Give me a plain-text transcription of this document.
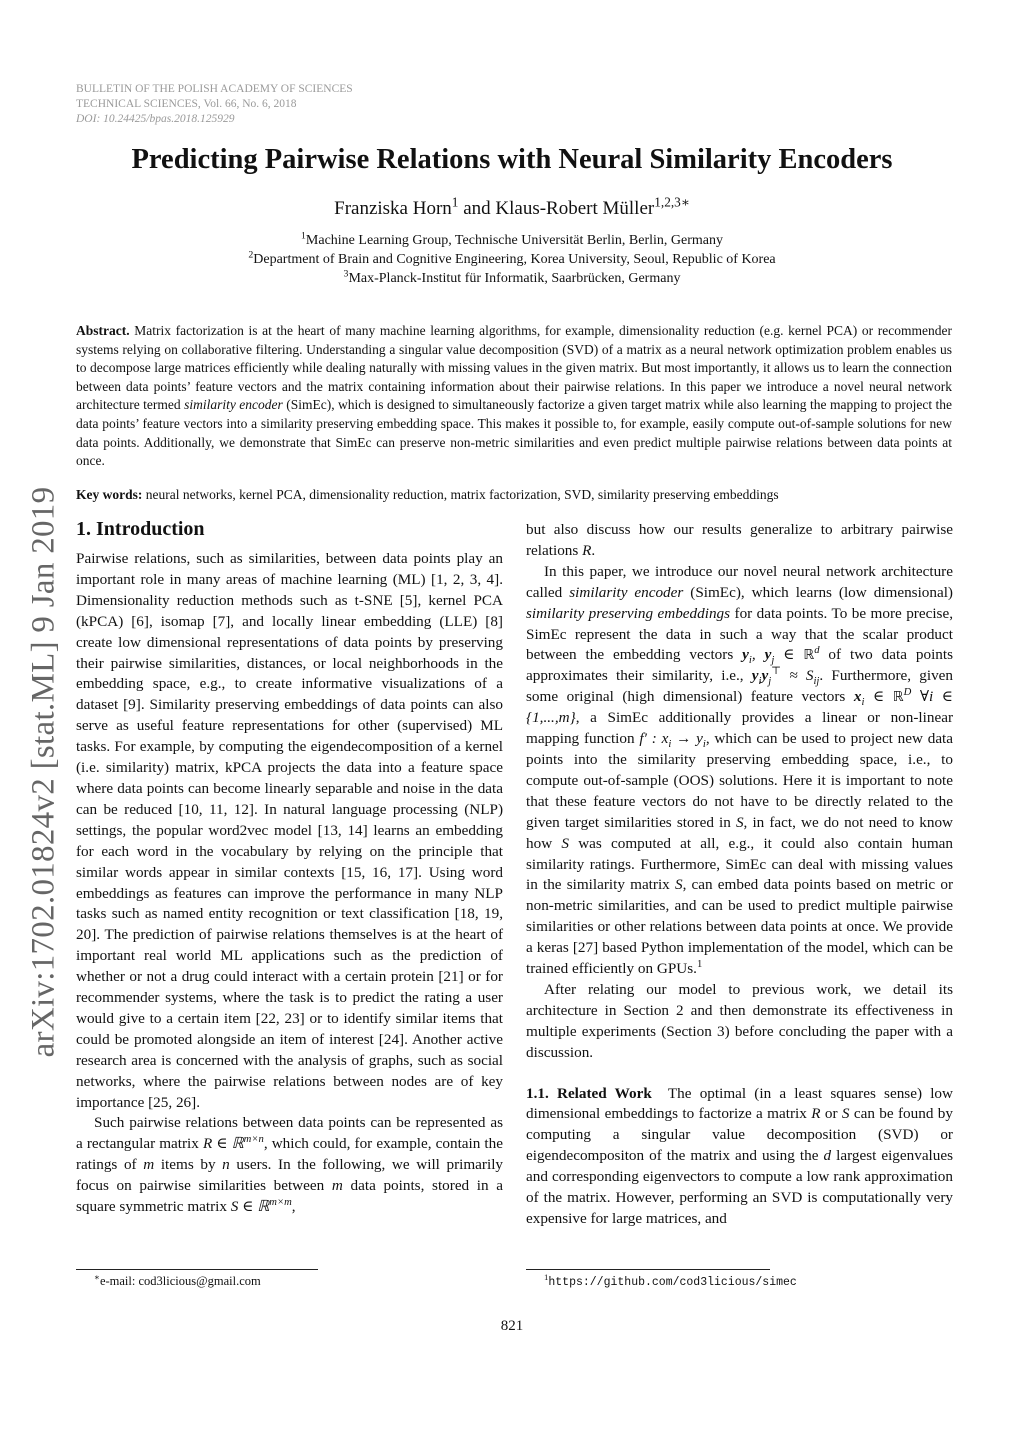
BULLETIN OF THE POLISH ACADEMY OF SCIENCES
TECHNICAL SCIENCES, Vol. 66, No. 6, 2018
DOI: 10.24425/bpas.2018.125929
arXiv:1702.01824v2 [stat.ML] 9 Jan 2019
Predicting Pairwise Relations with Neural Similarity Encoders
Franziska Horn$^1$ and Klaus-Robert Müller$^{1,2,3∗}$
$^1$Machine Learning Group, Technische Universität Berlin, Berlin, Germany
$^2$Department of Brain and Cognitive Engineering, Korea University, Seoul, Republic of Korea
$^3$Max-Planck-Institut für Informatik, Saarbrücken, Germany
Abstract. Matrix factorization is at the heart of many machine learning algorithms, for example, dimensionality reduction (e.g. kernel PCA) or recommender systems relying on collaborative filtering. Understanding a singular value decomposition (SVD) of a matrix as a neural network optimization problem enables us to decompose large matrices efficiently while dealing naturally with missing values in the given matrix. But most importantly, it allows us to learn the connection between data points’ feature vectors and the matrix containing information about their pairwise relations. In this paper we introduce a novel neural network architecture termed similarity encoder (SimEc), which is designed to simultaneously factorize a given target matrix while also learning the mapping to project the data points’ feature vectors into a similarity preserving embedding space. This makes it possible to, for example, easily compute out-of-sample solutions for new data points. Additionally, we demonstrate that SimEc can preserve non-metric similarities and even predict multiple pairwise relations between data points at once.
Key words: neural networks, kernel PCA, dimensionality reduction, matrix factorization, SVD, similarity preserving embeddings
1. Introduction

Pairwise relations, such as similarities, between data points play an important role in many areas of machine learning (ML) [1, 2, 3, 4]. Dimensionality reduction methods such as t-SNE [5], kernel PCA (kPCA) [6], isomap [7], and locally linear embedding (LLE) [8] create low dimensional representations of data points by preserving their pairwise similarities, distances, or local neighborhoods in the embedding space, e.g., to create informative visualizations of a dataset [9]. Similarity preserving embeddings of data points can also serve as useful feature representations for other (supervised) ML tasks. For example, by computing the eigendecomposition of a kernel (i.e. similarity) matrix, kPCA projects the data into a feature space where data points can become linearly separable and noise in the data can be reduced [10, 11, 12]. In natural language processing (NLP) settings, the popular word2vec model [13, 14] learns an embedding for each word in the vocabulary by relying on the principle that similar words appear in similar contexts [15, 16, 17]. Using word embeddings as features can improve the performance in many NLP tasks such as named entity recognition or text classification [18, 19, 20]. The prediction of pairwise relations themselves is at the heart of important real world ML applications such as the prediction of whether or not a drug could interact with a certain protein [21] or for recommender systems, where the task is to predict the rating a user would give to a certain item [22, 23] or to identify similar items that could be promoted alongside an item of interest [24]. Another active research area is concerned with the analysis of graphs, such as social networks, where the pairwise relations between nodes are of key importance [25, 26].

Such pairwise relations between data points can be represented as a rectangular matrix R ∈ ℝ$^{m\times n}$, which could, for example, contain the ratings of m items by n users. In the following, we will primarily focus on pairwise similarities between m data points, stored in a square symmetric matrix S ∈ ℝ$^{m\times m}$,

but also discuss how our results generalize to arbitrary pairwise relations R.

In this paper, we introduce our novel neural network architecture called similarity encoder (SimEc), which learns (low dimensional) similarity preserving embeddings for data points. To be more precise, SimEc represent the data in such a way that the scalar product between the embedding vectors $y_i$, $y_j$ ∈ ℝ$^d$ of two data points approximates their similarity, i.e., $y_iy_j^⊤ \approx S_{ij}$. Furthermore, given some original (high dimensional) feature vectors $x_i$ ∈ ℝ$^D$ ∀i ∈ {1,...,m}, a SimEc additionally provides a linear or non-linear mapping function f′ : $x_i \to y_i$, which can be used to project new data points into the similarity preserving embedding space, i.e., to compute out-of-sample (OOS) solutions. Here it is important to note that these feature vectors do not have to be directly related to the given target similarities stored in S, in fact, we do not need to know how S was computed at all, e.g., it could also contain human similarity ratings. Furthermore, SimEc can deal with missing values in the similarity matrix S, can embed data points based on metric or non-metric similarities, and can be used to predict multiple pairwise similarities or other relations between data points at once. We provide a keras [27] based Python implementation of the model, which can be trained efficiently on GPUs.$^1$

After relating our model to previous work, we detail its architecture in Section 2 and then demonstrate its effectiveness in multiple experiments (Section 3) before concluding the paper with a discussion.

1.1. Related Work The optimal (in a least squares sense) low dimensional embeddings to factorize a matrix R or S can be found by computing a singular value decomposition (SVD) or eigendecompositon of the matrix and using the d largest eigenvalues and corresponding eigenvectors to compute a low rank approximation of the matrix. However, performing an SVD is computationally very expensive for large matrices, and

∗e-mail: cod3licious@gmail.com	$^1$https://github.com/cod3licious/simec
821
